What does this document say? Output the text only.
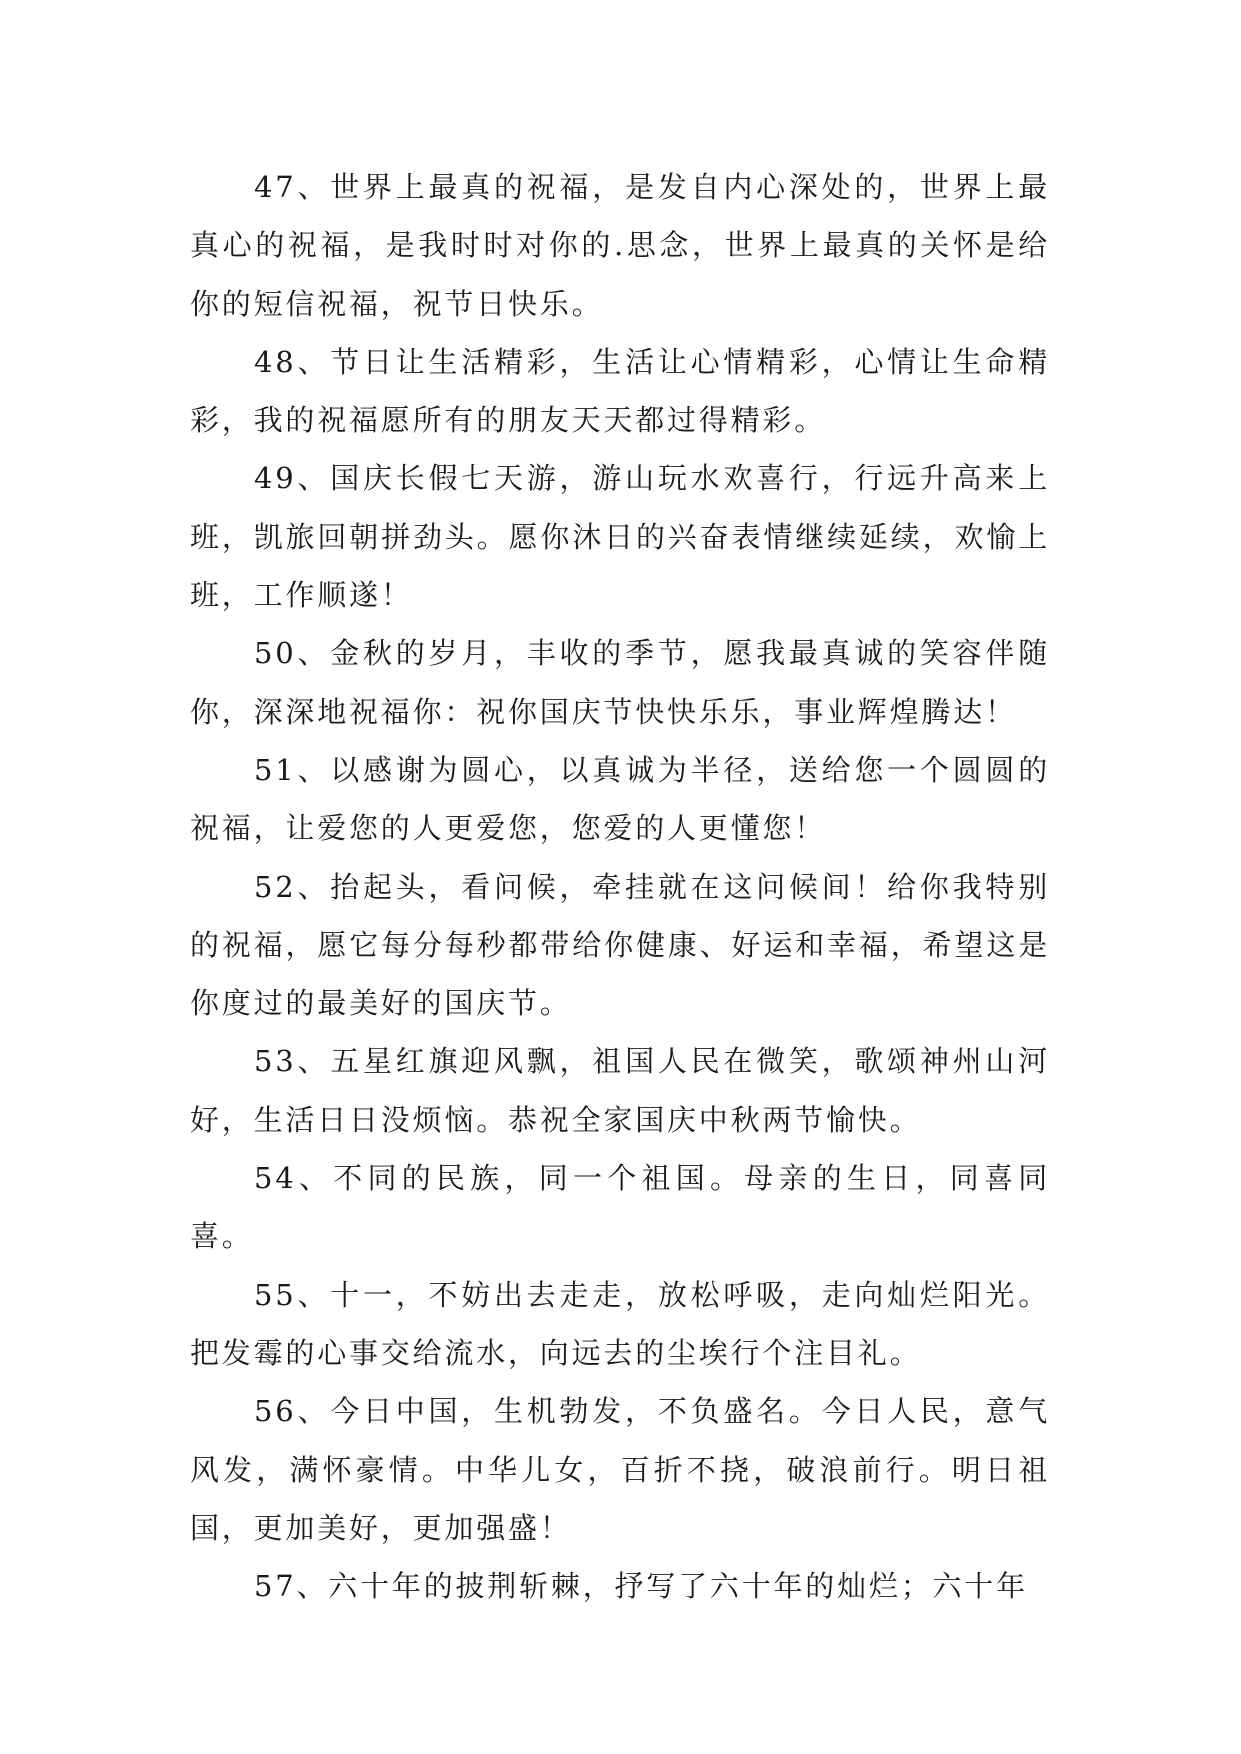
47、世界上最真的祝福，是发自内心深处的，世界上最真心的祝福，是我时时对你的.思念，世界上最真的关怀是给你的短信祝福，祝节日快乐。

48、节日让生活精彩，生活让心情精彩，心情让生命精彩，我的祝福愿所有的朋友天天都过得精彩。

49、国庆长假七天游，游山玩水欢喜行，行远升高来上班，凯旅回朝拼劲头。愿你沐日的兴奋表情继续延续，欢愉上班，工作顺遂！

50、金秋的岁月，丰收的季节，愿我最真诚的笑容伴随你，深深地祝福你：祝你国庆节快快乐乐，事业辉煌腾达！

51、以感谢为圆心，以真诚为半径，送给您一个圆圆的祝福，让爱您的人更爱您，您爱的人更懂您！

52、抬起头，看问候，牵挂就在这问候间！给你我特别的祝福，愿它每分每秒都带给你健康、好运和幸福，希望这是你度过的最美好的国庆节。

53、五星红旗迎风飘，祖国人民在微笑，歌颂神州山河好，生活日日没烦恼。恭祝全家国庆中秋两节愉快。

54、不同的民族，同一个祖国。母亲的生日，同喜同喜。

55、十一，不妨出去走走，放松呼吸，走向灿烂阳光。把发霉的心事交给流水，向远去的尘埃行个注目礼。

56、今日中国，生机勃发，不负盛名。今日人民，意气风发，满怀豪情。中华儿女，百折不挠，破浪前行。明日祖国，更加美好，更加强盛！

57、六十年的披荆斩棘，抒写了六十年的灿烂；六十年
